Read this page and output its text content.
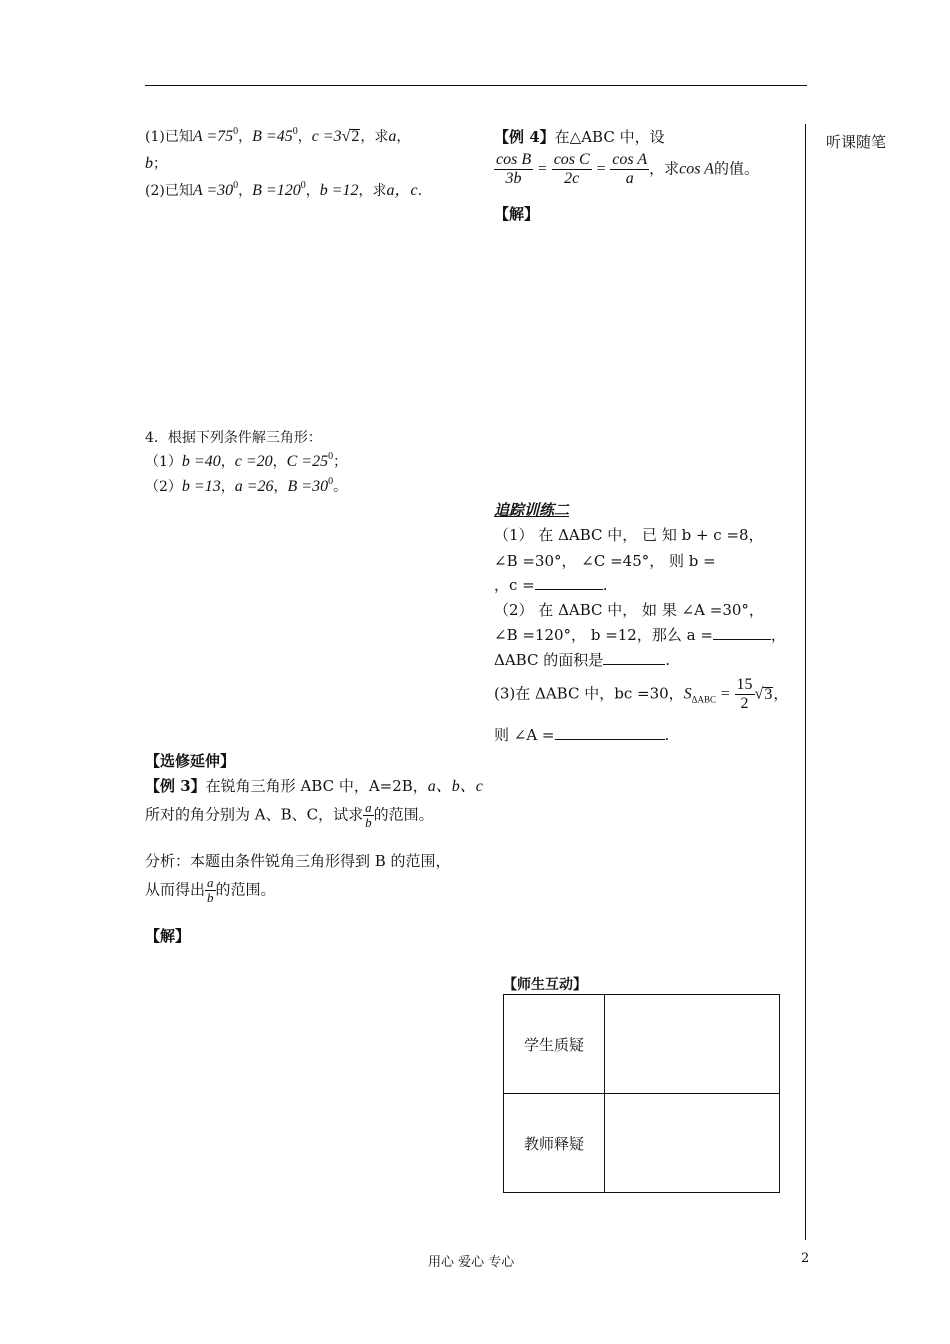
听课随笔
(1)已知$A =75^0$，$B =45^0$，c =3√2，求a，
b；
(2)已知$A =30^0$，$B =120^0$，b =12，求a，c.
【例 4】在△ABC 中，设
$\frac{\text{cos B}}{3b} = \frac{\text{cos C}}{2c} = \frac{\text{cos A}}{a}$ ，求cos A的值。
【解】
4．根据下列条件解三角形：
（1）b =40，c =20，$C =25^0$；
（2）b =13，a =26，$B =30^0$。
追踪训练二
（1） 在 ΔABC 中， 已 知 b + c =8，
∠B =30°， ∠C =45°， 则 b =
，c =	.
（2） 在 ΔABC 中， 如 果 ∠A =30°，
∠B =120°， b =12，那么 a =	，
ΔABC 的面积是	.
(3)在 ΔABC 中，bc =30，$S_{\Delta ABC} = \frac{15}{2} √3$，
则 ∠A =	.
【选修延伸】
【例 3】在锐角三角形 ABC 中，A=2B，a、b、c
所对的角分别为 A、B、C，试求 $\frac{a}{b}$ 的范围。
分析：本题由条件锐角三角形得到 B 的范围，
从而得出 $\frac{a}{b}$ 的范围。
【解】
【师生互动】
学生质疑	
教师释疑	
用心 爱心 专心	2
